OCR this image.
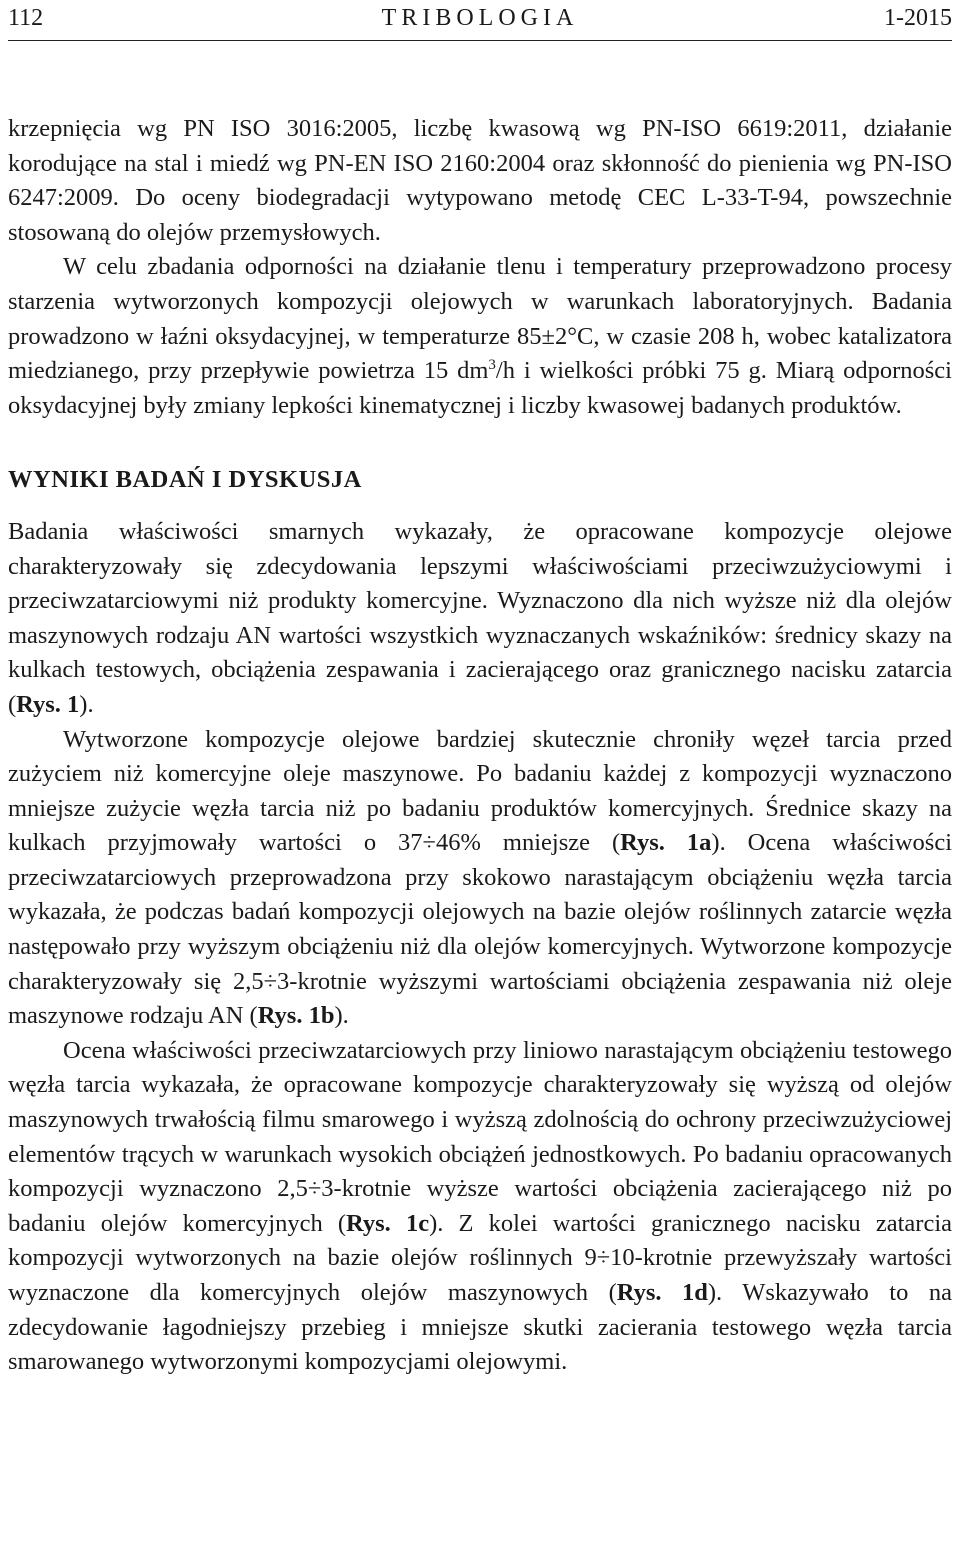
112	TRIBOLOGIA	1-2015

krzepnięcia wg PN ISO 3016:2005, liczbę kwasową wg PN-ISO 6619:2011, działanie korodujące na stal i miedź wg PN-EN ISO 2160:2004 oraz skłonność do pienienia wg PN-ISO 6247:2009. Do oceny biodegradacji wytypowano metodę CEC L-33-T-94, powszechnie stosowaną do olejów przemysłowych.

W celu zbadania odporności na działanie tlenu i temperatury przeprowadzono procesy starzenia wytworzonych kompozycji olejowych w warunkach laboratoryjnych. Badania prowadzono w łaźni oksydacyjnej, w temperaturze 85±2°C, w czasie 208 h, wobec katalizatora miedzianego, przy przepływie powietrza 15 $dm^3/h$ i wielkości próbki 75 g. Miarą odporności oksydacyjnej były zmiany lepkości kinematycznej i liczby kwasowej badanych produktów.

WYNIKI BADAŃ I DYSKUSJA

Badania właściwości smarnych wykazały, że opracowane kompozycje olejowe charakteryzowały się zdecydowania lepszymi właściwościami przeciwzużyciowymi i przeciwzatarciowymi niż produkty komercyjne. Wyznaczono dla nich wyższe niż dla olejów maszynowych rodzaju AN wartości wszystkich wyznaczanych wskaźników: średnicy skazy na kulkach testowych, obciążenia zespawania i zacierającego oraz granicznego nacisku zatarcia (Rys. 1).

Wytworzone kompozycje olejowe bardziej skutecznie chroniły węzeł tarcia przed zużyciem niż komercyjne oleje maszynowe. Po badaniu każdej z kompozycji wyznaczono mniejsze zużycie węzła tarcia niż po badaniu produktów komercyjnych. Średnice skazy na kulkach przyjmowały wartości o 37÷46% mniejsze (Rys. 1a). Ocena właściwości przeciwzatarciowych przeprowadzona przy skokowo narastającym obciążeniu węzła tarcia wykazała, że podczas badań kompozycji olejowych na bazie olejów roślinnych zatarcie węzła następowało przy wyższym obciążeniu niż dla olejów komercyjnych. Wytworzone kompozycje charakteryzowały się 2,5÷3-krotnie wyższymi wartościami obciążenia zespawania niż oleje maszynowe rodzaju AN (Rys. 1b).

Ocena właściwości przeciwzatarciowych przy liniowo narastającym obciążeniu testowego węzła tarcia wykazała, że opracowane kompozycje charakteryzowały się wyższą od olejów maszynowych trwałością filmu smarowego i wyższą zdolnością do ochrony przeciwzużyciowej elementów trących w warunkach wysokich obciążeń jednostkowych. Po badaniu opracowanych kompozycji wyznaczono 2,5÷3-krotnie wyższe wartości obciążenia zacierającego niż po badaniu olejów komercyjnych (Rys. 1c). Z kolei wartości granicznego nacisku zatarcia kompozycji wytworzonych na bazie olejów roślinnych 9÷10-krotnie przewyższały wartości wyznaczone dla komercyjnych olejów maszynowych (Rys. 1d). Wskazywało to na zdecydowanie łagodniejszy przebieg i mniejsze skutki zacierania testowego węzła tarcia smarowanego wytworzonymi kompozycjami olejowymi.
